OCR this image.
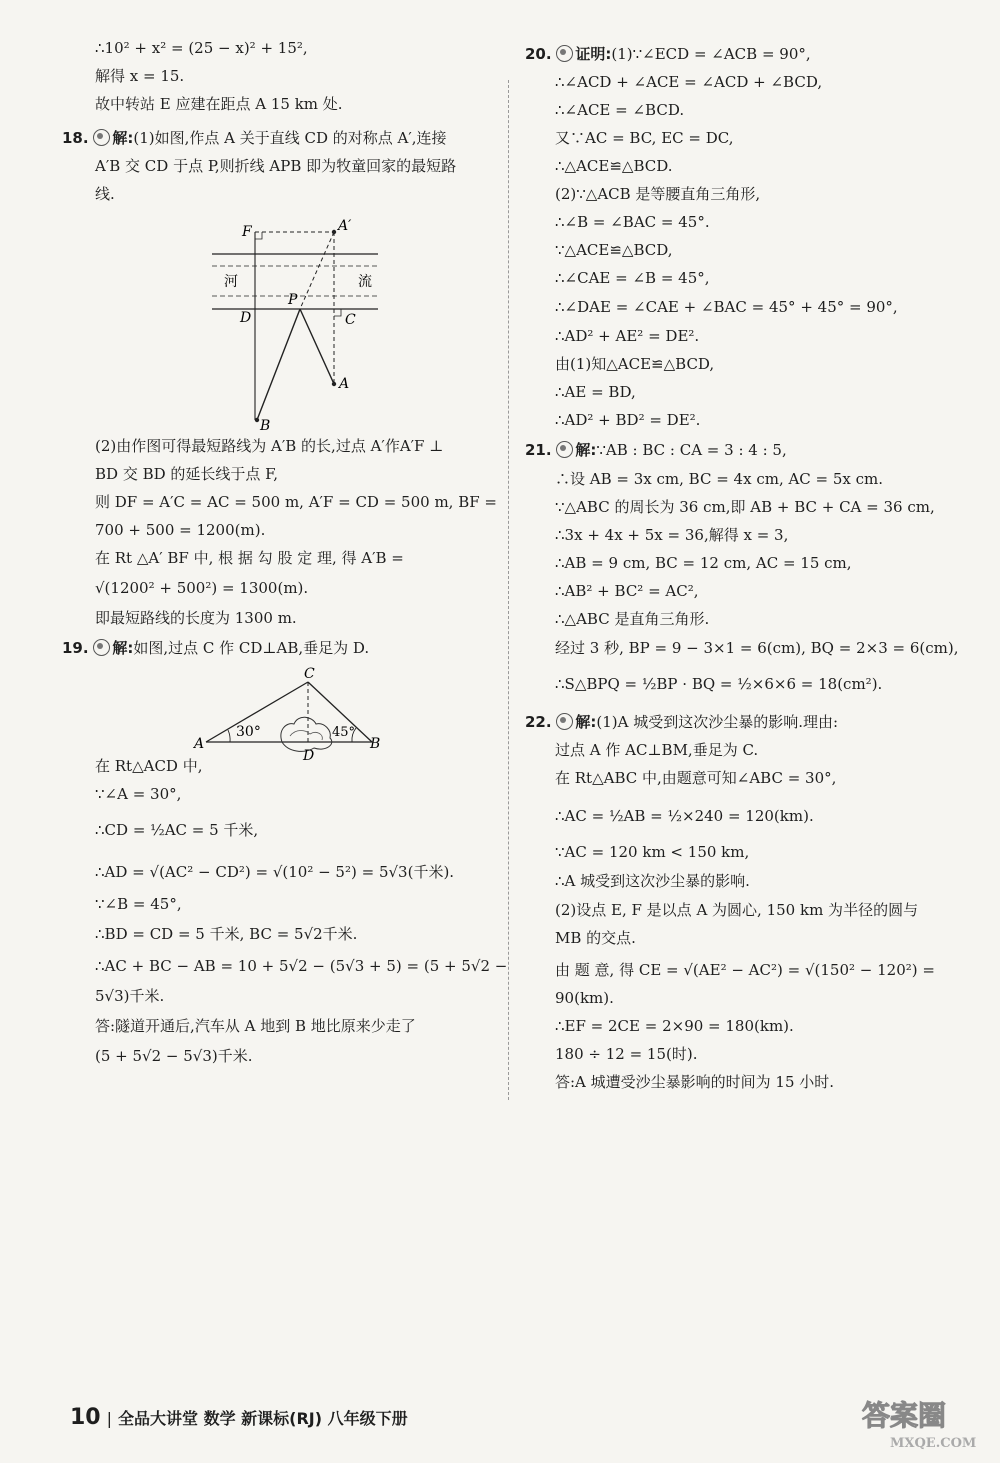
∴10² + x² = (25 − x)² + 15²,
解得 x = 15.
故中转站 E 应建在距点 A 15 km 处.
18. 解:(1)如图,作点 A 关于直线 CD 的对称点 A′,连接
A′B 交 CD 于点 P,则折线 APB 即为牧童回家的最短路
线.
F	A′
河	流
P
D	C
A
B
(2)由作图可得最短路线为 A′B 的长,过点 A′作A′F ⊥
BD 交 BD 的延长线于点 F,
则 DF = A′C = AC = 500 m, A′F = CD = 500 m, BF =
700 + 500 = 1200(m).
在 Rt △A′ BF 中, 根 据 勾 股 定 理, 得 A′B =
√(1200² + 500²) = 1300(m).
即最短路线的长度为 1300 m.
19. 解:如图,过点 C 作 CD⊥AB,垂足为 D.
30°	45°
C
A	B
D
在 Rt△ACD 中,
∵∠A = 30°,
∴CD = ½AC = 5 千米,
∴AD = √(AC² − CD²) = √(10² − 5²) = 5√3(千米).
∵∠B = 45°,
∴BD = CD = 5 千米, BC = 5√2千米.
∴AC + BC − AB = 10 + 5√2 − (5√3 + 5) = (5 + 5√2 −
5√3)千米.
答:隧道开通后,汽车从 A 地到 B 地比原来少走了
(5 + 5√2 − 5√3)千米.
20. 证明:(1)∵∠ECD = ∠ACB = 90°,
∴∠ACD + ∠ACE = ∠ACD + ∠BCD,
∴∠ACE = ∠BCD.
又∵AC = BC, EC = DC,
∴△ACE≌△BCD.
(2)∵△ACB 是等腰直角三角形,
∴∠B = ∠BAC = 45°.
∵△ACE≌△BCD,
∴∠CAE = ∠B = 45°,
∴∠DAE = ∠CAE + ∠BAC = 45° + 45° = 90°,
∴AD² + AE² = DE².
由(1)知△ACE≌△BCD,
∴AE = BD,
∴AD² + BD² = DE².
21. 解:∵AB : BC : CA = 3 : 4 : 5,
∴设 AB = 3x cm, BC = 4x cm, AC = 5x cm.
∵△ABC 的周长为 36 cm,即 AB + BC + CA = 36 cm,
∴3x + 4x + 5x = 36,解得 x = 3,
∴AB = 9 cm, BC = 12 cm, AC = 15 cm,
∴AB² + BC² = AC²,
∴△ABC 是直角三角形.
经过 3 秒, BP = 9 − 3×1 = 6(cm), BQ = 2×3 = 6(cm),
∴S△BPQ = ½BP · BQ = ½×6×6 = 18(cm²).
22. 解:(1)A 城受到这次沙尘暴的影响.理由:
过点 A 作 AC⊥BM,垂足为 C.
在 Rt△ABC 中,由题意可知∠ABC = 30°,
∴AC = ½AB = ½×240 = 120(km).
∵AC = 120 km < 150 km,
∴A 城受到这次沙尘暴的影响.
(2)设点 E, F 是以点 A 为圆心, 150 km 为半径的圆与
MB 的交点.
由 题 意, 得 CE = √(AE² − AC²) = √(150² − 120²) =
90(km).
∴EF = 2CE = 2×90 = 180(km).
180 ÷ 12 = 15(时).
答:A 城遭受沙尘暴影响的时间为 15 小时.
10 | 全品大讲堂 数学 新课标(RJ) 八年级下册	答案圈
MXQE.COM
